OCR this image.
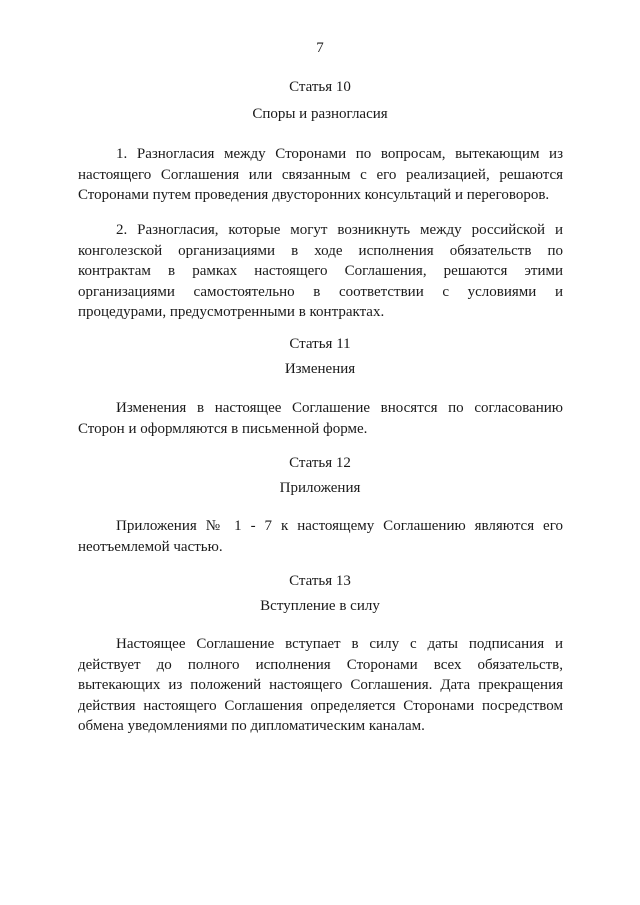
7
Статья 10
Споры и разногласия
1. Разногласия между Сторонами по вопросам, вытекающим из настоящего Соглашения или связанным с его реализацией, решаются Сторонами путем проведения двусторонних консультаций и переговоров.
2. Разногласия, которые могут возникнуть между российской и конголезской организациями в ходе исполнения обязательств по контрактам в рамках настоящего Соглашения, решаются этими организациями самостоятельно в соответствии с условиями и процедурами, предусмотренными в контрактах.
Статья 11
Изменения
Изменения в настоящее Соглашение вносятся по согласованию Сторон и оформляются в письменной форме.
Статья 12
Приложения
Приложения № 1 - 7 к настоящему Соглашению являются его неотъемлемой частью.
Статья 13
Вступление в силу
Настоящее Соглашение вступает в силу с даты подписания и действует до полного исполнения Сторонами всех обязательств, вытекающих из положений настоящего Соглашения. Дата прекращения действия настоящего Соглашения определяется Сторонами посредством обмена уведомлениями по дипломатическим каналам.
